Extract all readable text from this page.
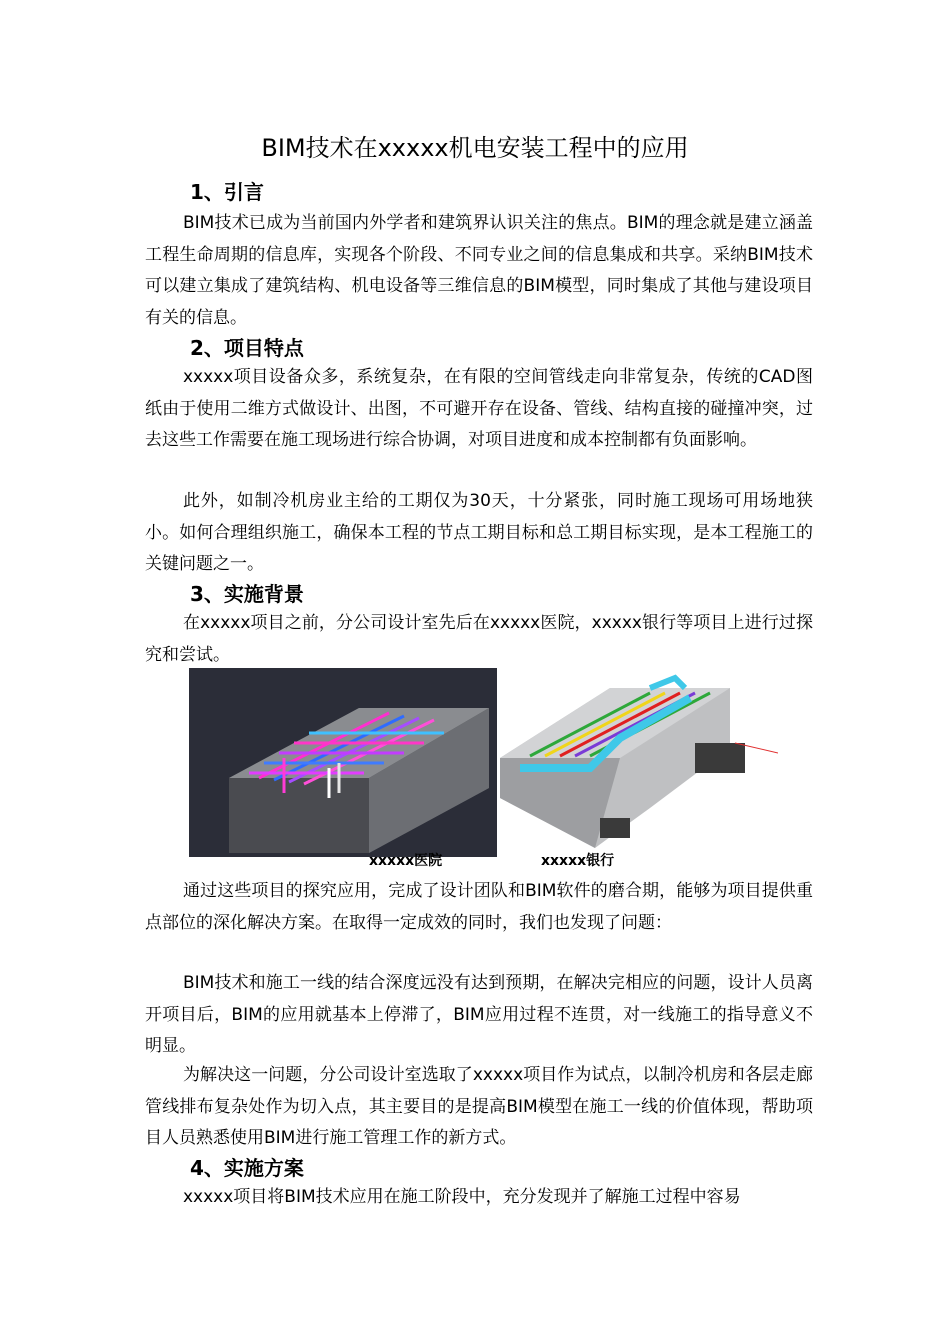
BIM技术在xxxxx机电安装工程中的应用
1、引言

BIM技术已成为当前国内外学者和建筑界认识关注的焦点。BIM的理念就是建立涵盖工程生命周期的信息库，实现各个阶段、不同专业之间的信息集成和共享。采纳BIM技术可以建立集成了建筑结构、机电设备等三维信息的BIM模型，同时集成了其他与建设项目有关的信息。

2、项目特点

xxxxx项目设备众多，系统复杂，在有限的空间管线走向非常复杂，传统的CAD图纸由于使用二维方式做设计、出图，不可避开存在设备、管线、结构直接的碰撞冲突，过去这些工作需要在施工现场进行综合协调，对项目进度和成本控制都有负面影响。

此外，如制冷机房业主给的工期仅为30天，十分紧张，同时施工现场可用场地狭小。如何合理组织施工，确保本工程的节点工期目标和总工期目标实现，是本工程施工的关键问题之一。

3、实施背景

在xxxxx项目之前，分公司设计室先后在xxxxx医院，xxxxx银行等项目上进行过探究和尝试。

xxxxx医院	xxxxx银行

通过这些项目的探究应用，完成了设计团队和BIM软件的磨合期，能够为项目提供重点部位的深化解决方案。在取得一定成效的同时，我们也发现了问题：

BIM技术和施工一线的结合深度远没有达到预期，在解决完相应的问题，设计人员离开项目后，BIM的应用就基本上停滞了，BIM应用过程不连贯，对一线施工的指导意义不明显。

为解决这一问题，分公司设计室选取了xxxxx项目作为试点，以制冷机房和各层走廊管线排布复杂处作为切入点，其主要目的是提高BIM模型在施工一线的价值体现，帮助项目人员熟悉使用BIM进行施工管理工作的新方式。

4、实施方案

xxxxx项目将BIM技术应用在施工阶段中，充分发现并了解施工过程中容易
